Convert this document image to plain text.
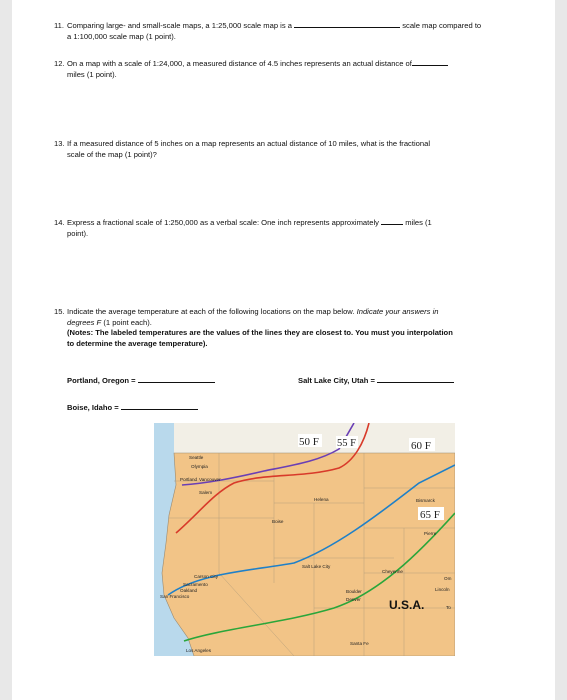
11. Comparing large- and small-scale maps, a 1:25,000 scale map is a	scale map compared to
a 1:100,000 scale map (1 point).
12. On a map with a scale of 1:24,000, a measured distance of 4.5 inches represents an actual distance of
miles (1 point).
13. If a measured distance of 5 inches on a map represents an actual distance of 10 miles, what is the fractional
scale of the map (1 point)?
14. Express a fractional scale of 1:250,000 as a verbal scale: One inch represents approximately	miles (1
point).
15. Indicate the average temperature at each of the following locations on the map below. Indicate your answers in
degrees F (1 point each).
(Notes: The labeled temperatures are the values of the lines they are closest to. You must you interpolation
to determine the average temperature).
Portland, Oregon =	Salt Lake City, Utah =
Boise, Idaho =
50 F 55 F	60 F
65 F
U.S.A.
Seattle
Olympia
Portland Vancouver
Salem
Boise
Helena	Bismarck
Pierre
Salt Lake City
Cheyenne
Carson City
Sacramento
San Francisco
Oakland	Boulder
Denver
Lincoln
Om
To
Santa Fe
Los Angeles
